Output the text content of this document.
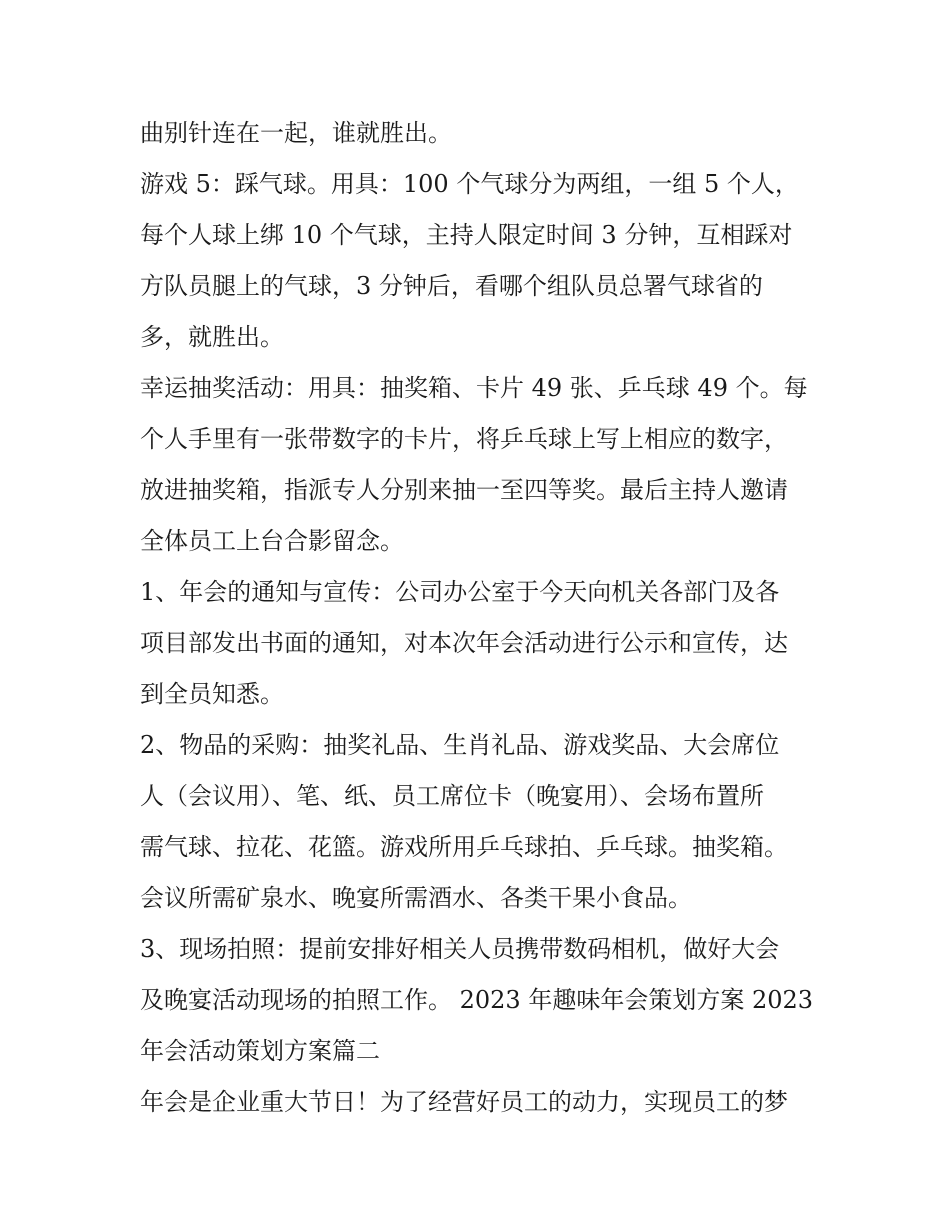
曲别针连在一起，谁就胜出。
游戏 5：踩气球。用具：100 个气球分为两组，一组 5 个人，
每个人球上绑 10 个气球，主持人限定时间 3 分钟，互相踩对
方队员腿上的气球，3 分钟后，看哪个组队员总署气球省的
多，就胜出。
幸运抽奖活动：用具：抽奖箱、卡片 49 张、乒乓球 49 个。每
个人手里有一张带数字的卡片，将乒乓球上写上相应的数字，
放进抽奖箱，指派专人分别来抽一至四等奖。最后主持人邀请
全体员工上台合影留念。
1、年会的通知与宣传：公司办公室于今天向机关各部门及各
项目部发出书面的通知，对本次年会活动进行公示和宣传，达
到全员知悉。
2、物品的采购：抽奖礼品、生肖礼品、游戏奖品、大会席位
人（会议用）、笔、纸、员工席位卡（晚宴用）、会场布置所
需气球、拉花、花篮。游戏所用乒乓球拍、乒乓球。抽奖箱。
会议所需矿泉水、晚宴所需酒水、各类干果小食品。
3、现场拍照：提前安排好相关人员携带数码相机，做好大会
及晚宴活动现场的拍照工作。 2023 年趣味年会策划方案 2023
年会活动策划方案篇二
年会是企业重大节日！为了经营好员工的动力，实现员工的梦
